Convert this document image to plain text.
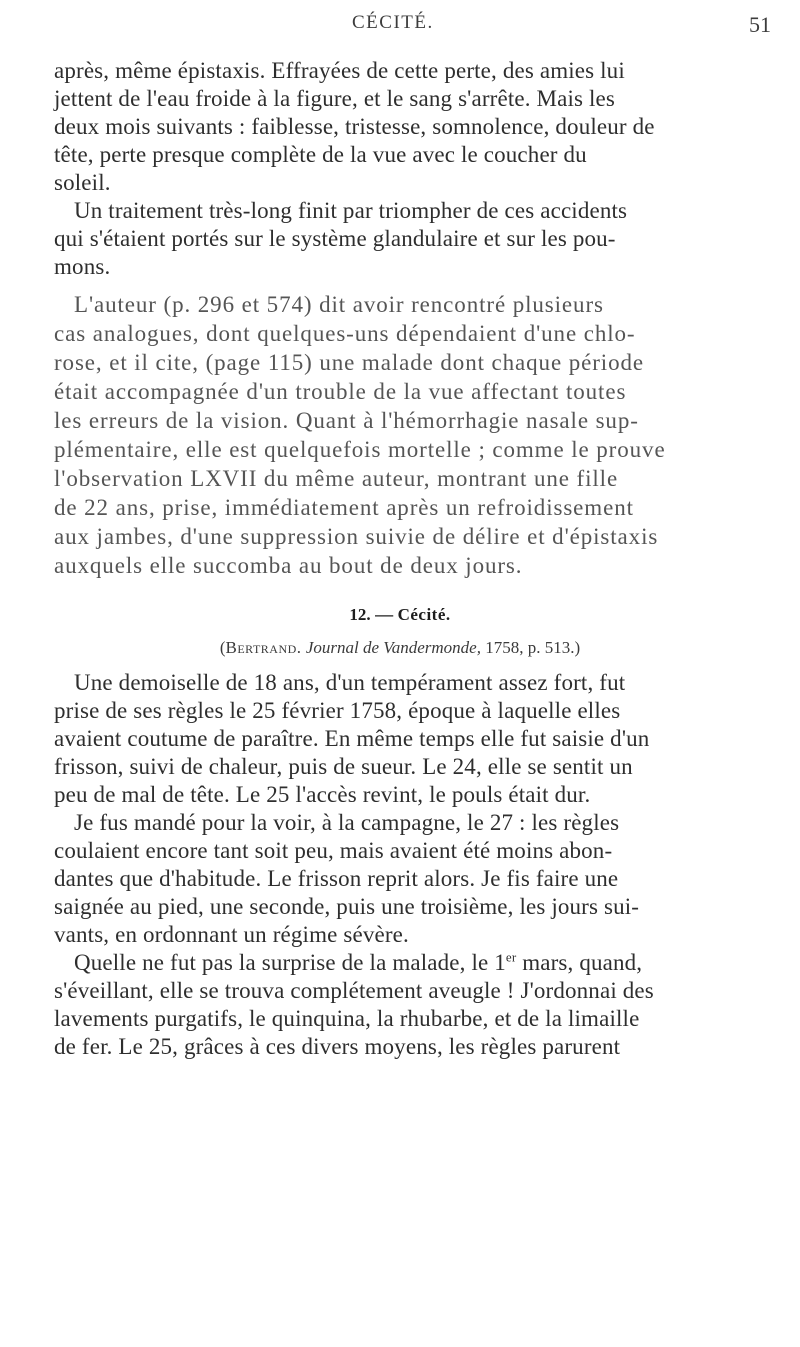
CÉCITÉ.	51
après, même épistaxis. Effrayées de cette perte, des amies lui
jettent de l'eau froide à la figure, et le sang s'arrête. Mais les
deux mois suivants : faiblesse, tristesse, somnolence, douleur de
tête, perte presque complète de la vue avec le coucher du
soleil.
Un traitement très-long finit par triompher de ces accidents
qui s'étaient portés sur le système glandulaire et sur les pou-
mons.
L'auteur (p. 296 et 574) dit avoir rencontré plusieurs
cas analogues, dont quelques-uns dépendaient d'une chlo-
rose, et il cite, (page 115) une malade dont chaque période
était accompagnée d'un trouble de la vue affectant toutes
les erreurs de la vision. Quant à l'hémorrhagie nasale sup-
plémentaire, elle est quelquefois mortelle ; comme le prouve
l'observation LXVII du même auteur, montrant une fille
de 22 ans, prise, immédiatement après un refroidissement
aux jambes, d'une suppression suivie de délire et d'épistaxis
auxquels elle succomba au bout de deux jours.
12. — Cécité.
(Bertrand. Journal de Vandermonde, 1758, p. 513.)
Une demoiselle de 18 ans, d'un tempérament assez fort, fut
prise de ses règles le 25 février 1758, époque à laquelle elles
avaient coutume de paraître. En même temps elle fut saisie d'un
frisson, suivi de chaleur, puis de sueur. Le 24, elle se sentit un
peu de mal de tête. Le 25 l'accès revint, le pouls était dur.
Je fus mandé pour la voir, à la campagne, le 27 : les règles
coulaient encore tant soit peu, mais avaient été moins abon-
dantes que d'habitude. Le frisson reprit alors. Je fis faire une
saignée au pied, une seconde, puis une troisième, les jours sui-
vants, en ordonnant un régime sévère.
Quelle ne fut pas la surprise de la malade, le 1er mars, quand,
s'éveillant, elle se trouva complétement aveugle ! J'ordonnai des
lavements purgatifs, le quinquina, la rhubarbe, et de la limaille
de fer. Le 25, grâces à ces divers moyens, les règles parurent
